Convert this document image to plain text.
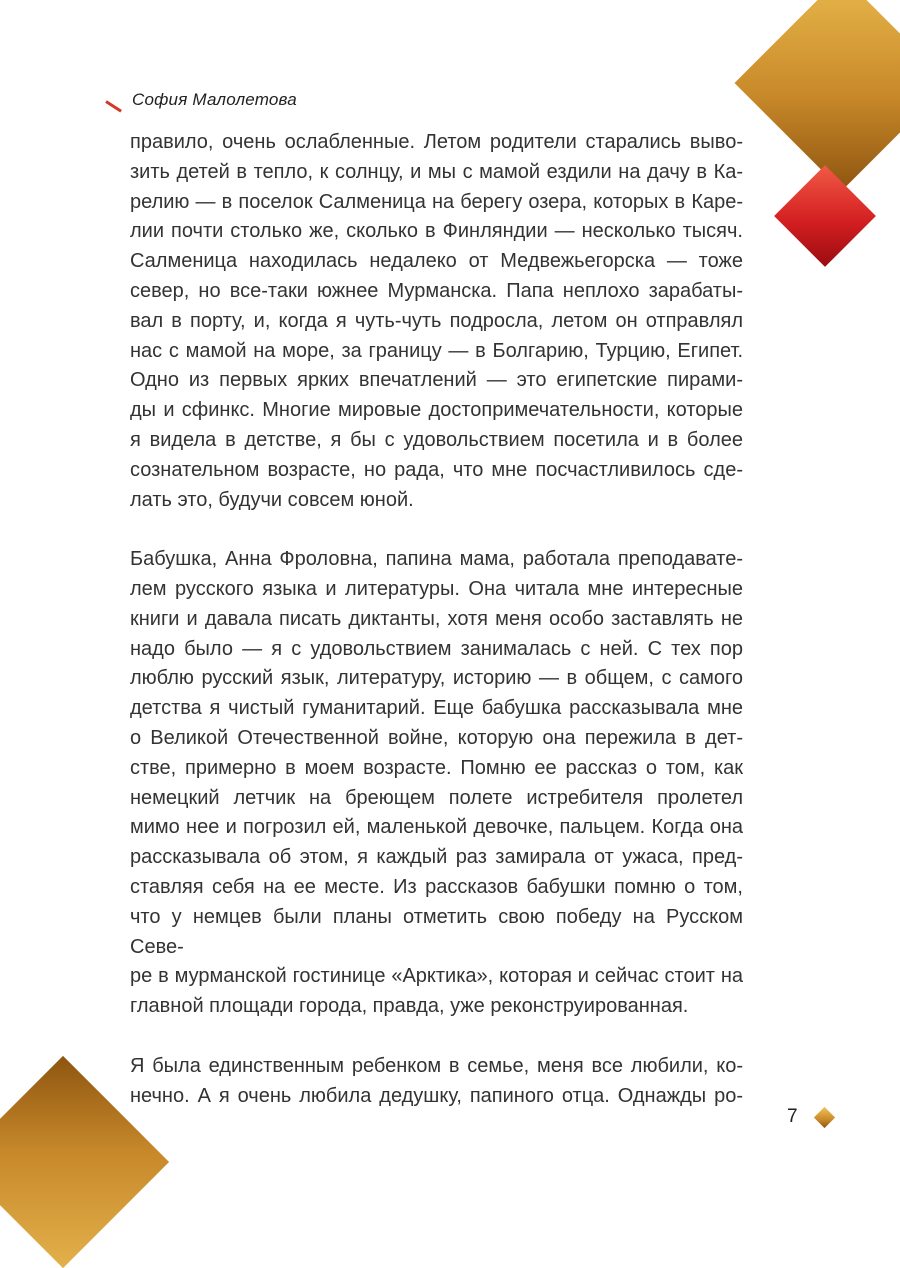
София Малолетова
правило, очень ослабленные. Летом родители старались выво-
зить детей в тепло, к солнцу, и мы с мамой ездили на дачу в Ка-
релию — в поселок Салменица на берегу озера, которых в Каре-
лии почти столько же, сколько в Финляндии — несколько тысяч.
Салменица находилась недалеко от Медвежьегорска — тоже
север, но все-таки южнее Мурманска. Папа неплохо зарабаты-
вал в порту, и, когда я чуть-чуть подросла, летом он отправлял
нас с мамой на море, за границу — в Болгарию, Турцию, Египет.
Одно из первых ярких впечатлений — это египетские пирами-
ды и сфинкс. Многие мировые достопримечательности, которые
я видела в детстве, я бы с удовольствием посетила и в более
сознательном возрасте, но рада, что мне посчастливилось сде-
лать это, будучи совсем юной.
Бабушка, Анна Фроловна, папина мама, работала преподавате-
лем русского языка и литературы. Она читала мне интересные
книги и давала писать диктанты, хотя меня особо заставлять не
надо было — я с удовольствием занималась с ней. С тех пор
люблю русский язык, литературу, историю — в общем, с самого
детства я чистый гуманитарий. Еще бабушка рассказывала мне
о Великой Отечественной войне, которую она пережила в дет-
стве, примерно в моем возрасте. Помню ее рассказ о том, как
немецкий летчик на бреющем полете истребителя пролетел
мимо нее и погрозил ей, маленькой девочке, пальцем. Когда она
рассказывала об этом, я каждый раз замирала от ужаса, пред-
ставляя себя на ее месте. Из рассказов бабушки помню о том,
что у немцев были планы отметить свою победу на Русском Севе-
ре в мурманской гостинице «Арктика», которая и сейчас стоит на
главной площади города, правда, уже реконструированная.
Я была единственным ребенком в семье, меня все любили, ко-
нечно. А я очень любила дедушку, папиного отца. Однажды ро-
7
